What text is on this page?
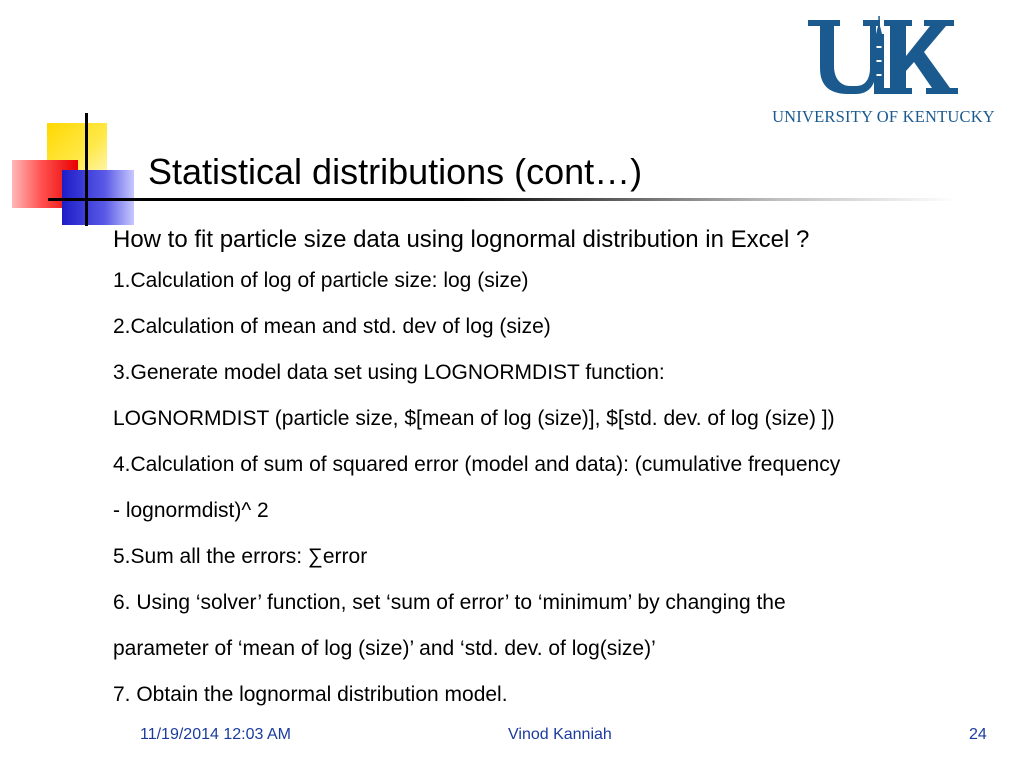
UNIVERSITY OF KENTUCKY
Statistical distributions (cont…)
How to fit particle size data using lognormal distribution in Excel ?
1.Calculation of log of particle size: log (size)
2.Calculation of mean and std. dev of log (size)
3.Generate model data set using LOGNORMDIST function:
LOGNORMDIST (particle size, $[mean of log (size)], $[std. dev. of log (size) ])
4.Calculation of sum of squared error (model and data): (cumulative frequency
- lognormdist)^ 2
5.Sum all the errors: ∑error
6. Using ‘solver’ function, set ‘sum of error’ to ‘minimum’ by changing the
parameter of ‘mean of log (size)’ and ‘std. dev. of log(size)’
7. Obtain the lognormal distribution model.
11/19/2014 12:03 AM	Vinod Kanniah	24
